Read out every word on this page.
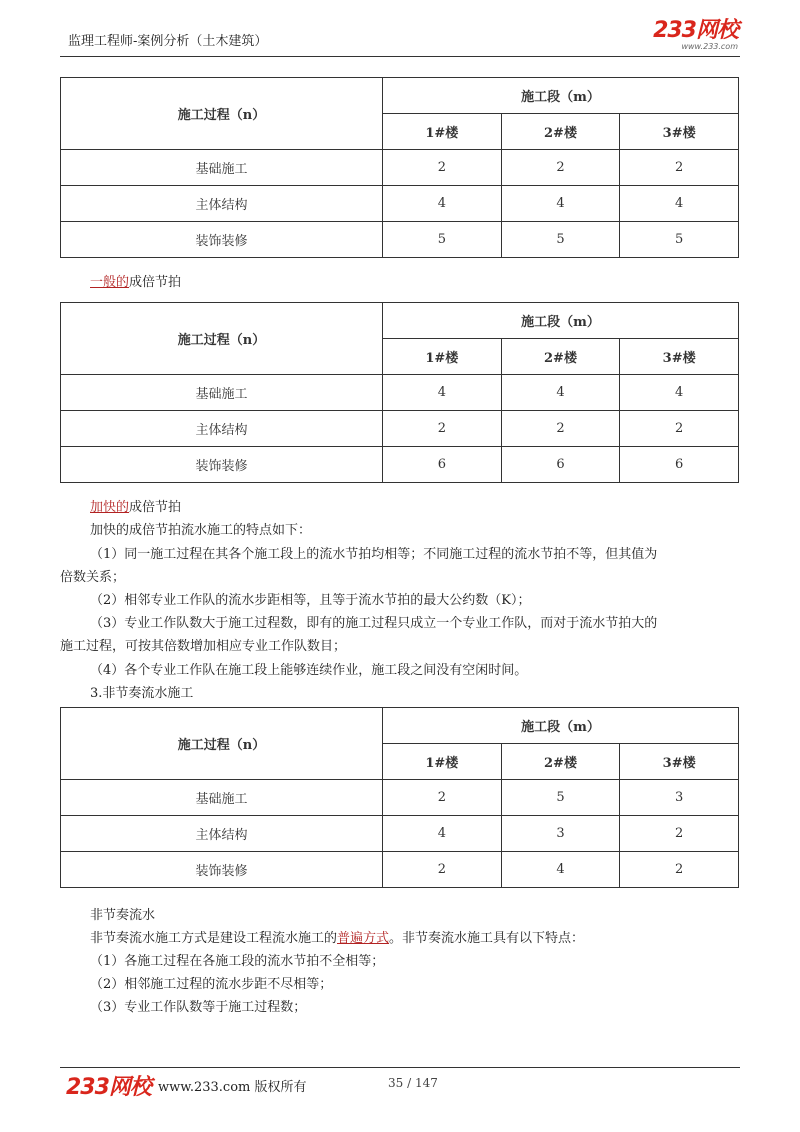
监理工程师-案例分析（土木建筑）	233网校
www.233.com
施工过程（n）	施工段（m）		
	1#楼	2#楼	3#楼
基础施工	2	2	2
主体结构	4	4	4
装饰装修	5	5	5
一般的成倍节拍
施工过程（n）	施工段（m）		
	1#楼	2#楼	3#楼
基础施工	4	4	4
主体结构	2	2	2
装饰装修	6	6	6
加快的成倍节拍
加快的成倍节拍流水施工的特点如下：
（1）同一施工过程在其各个施工段上的流水节拍均相等；不同施工过程的流水节拍不等，但其值为
倍数关系；
（2）相邻专业工作队的流水步距相等，且等于流水节拍的最大公约数（K）；
（3）专业工作队数大于施工过程数，即有的施工过程只成立一个专业工作队，而对于流水节拍大的
施工过程，可按其倍数增加相应专业工作队数目；
（4）各个专业工作队在施工段上能够连续作业，施工段之间没有空闲时间。
3.非节奏流水施工
施工过程（n）	施工段（m）		
	1#楼	2#楼	3#楼
基础施工	2	5	3
主体结构	4	3	2
装饰装修	2	4	2
非节奏流水
非节奏流水施工方式是建设工程流水施工的普遍方式。非节奏流水施工具有以下特点：
（1）各施工过程在各施工段的流水节拍不全相等；
（2）相邻施工过程的流水步距不尽相等；
（3）专业工作队数等于施工过程数；
233网校 www.233.com 版权所有	35 / 147
